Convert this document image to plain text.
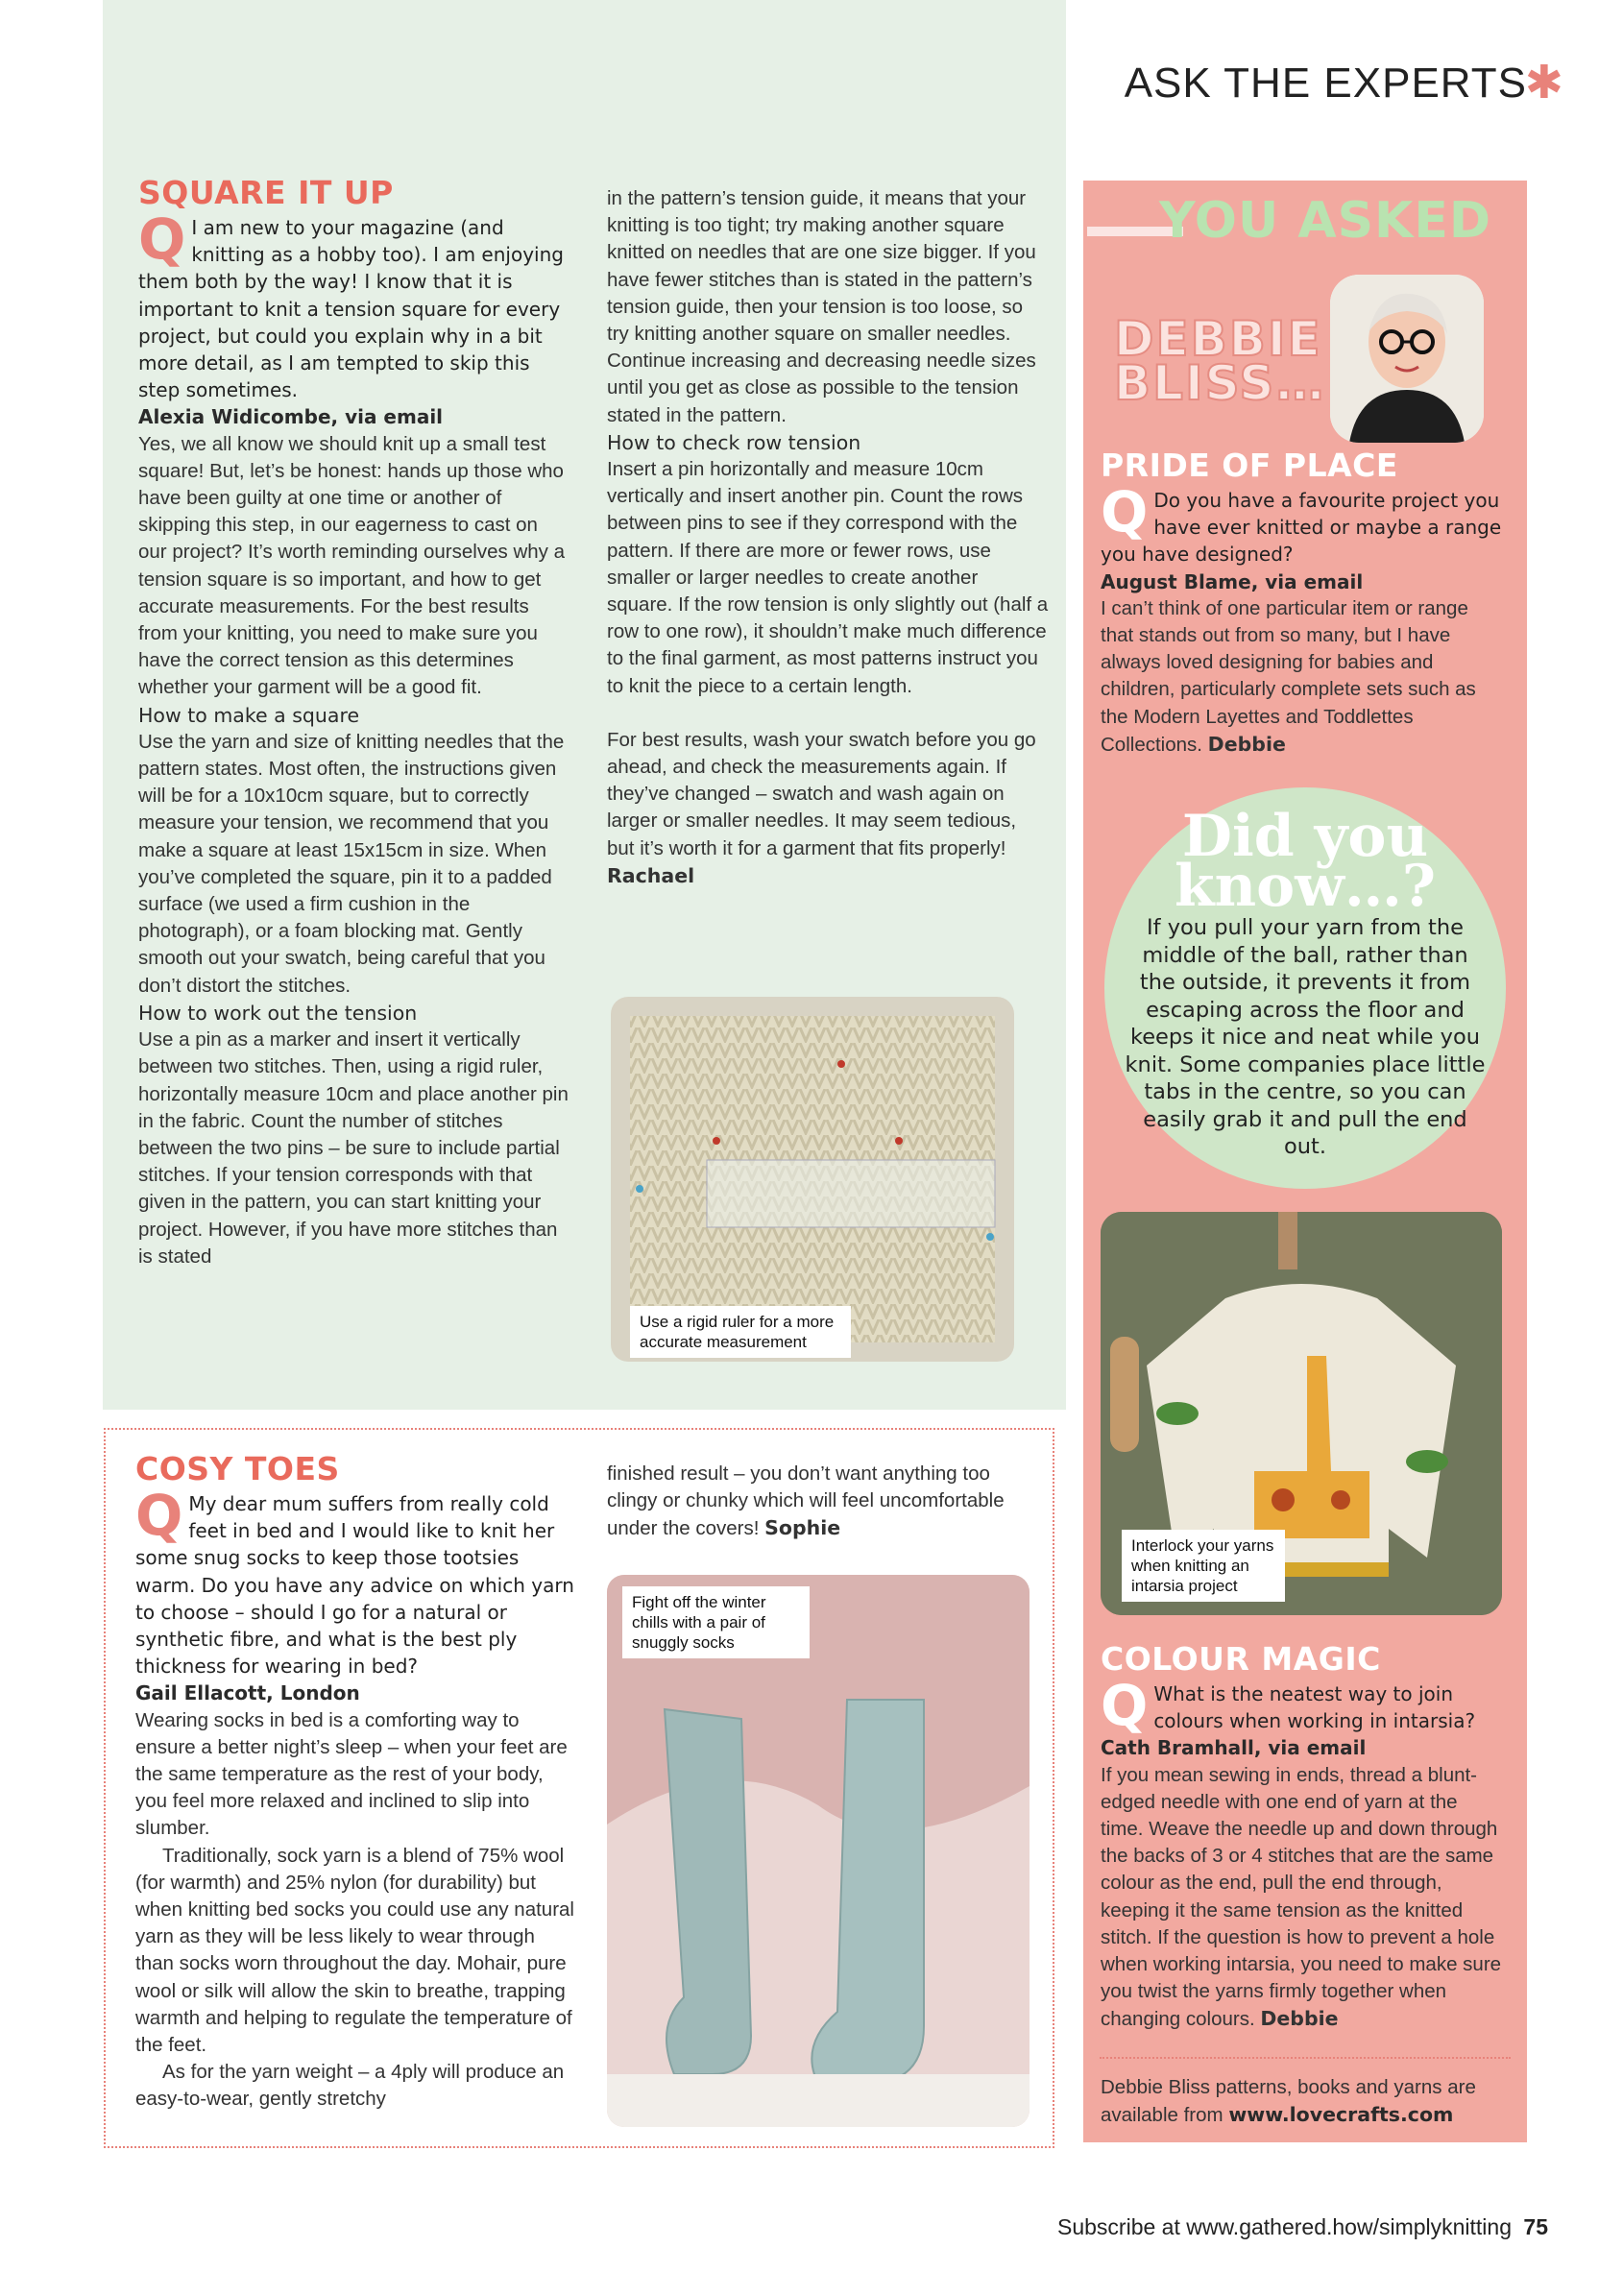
ASK THE EXPERTS
✱
SQUARE IT UP
Q I am new to your magazine (and knitting as a hobby too). I am enjoying them both by the way! I know that it is important to knit a tension square for every project, but could you explain why in a bit more detail, as I am tempted to skip this step sometimes.

Alexia Widicombe, via email

Yes, we all know we should knit up a small test square! But, let’s be honest: hands up those who have been guilty at one time or another of skipping this step, in our eagerness to cast on our project? It’s worth reminding ourselves why a tension square is so important, and how to get accurate measurements. For the best results from your knitting, you need to make sure you have the correct tension as this determines whether your garment will be a good fit.

How to make a square

Use the yarn and size of knitting needles that the pattern states. Most often, the instructions given will be for a 10x10cm square, but to correctly measure your tension, we recommend that you make a square at least 15x15cm in size. When you’ve completed the square, pin it to a padded surface (we used a firm cushion in the photograph), or a foam blocking mat. Gently smooth out your swatch, being careful that you don’t distort the stitches.

How to work out the tension

Use a pin as a marker and insert it vertically between two stitches. Then, using a rigid ruler, horizontally measure 10cm and place another pin in the fabric. Count the number of stitches between the two pins – be sure to include partial stitches. If your tension corresponds with that given in the pattern, you can start knitting your project. However, if you have more stitches than is stated

in the pattern’s tension guide, it means that your knitting is too tight; try making another square knitted on needles that are one size bigger. If you have fewer stitches than is stated in the pattern’s tension guide, then your tension is too loose, so try knitting another square on smaller needles. Continue increasing and decreasing needle sizes until you get as close as possible to the tension stated in the pattern.

How to check row tension

Insert a pin horizontally and measure 10cm vertically and insert another pin. Count the rows between pins to see if they correspond with the pattern. If there are more or fewer rows, use smaller or larger needles to create another square. If the row tension is only slightly out (half a row to one row), it shouldn’t make much difference to the final garment, as most patterns instruct you to knit the piece to a certain length.

For best results, wash your swatch before you go ahead, and check the measurements again. If they’ve changed – swatch and wash again on larger or smaller needles. It may seem tedious, but it’s worth it for a garment that fits properly! Rachael

Use a rigid ruler for a more accurate measurement
COSY TOES
Q My dear mum suffers from really cold feet in bed and I would like to knit her some snug socks to keep those tootsies warm. Do you have any advice on which yarn to choose – should I go for a natural or synthetic fibre, and what is the best ply thickness for wearing in bed?

Gail Ellacott, London

Wearing socks in bed is a comforting way to ensure a better night’s sleep – when your feet are the same temperature as the rest of your body, you feel more relaxed and inclined to slip into slumber.

Traditionally, sock yarn is a blend of 75% wool (for warmth) and 25% nylon (for durability) but when knitting bed socks you could use any natural yarn as they will be less likely to wear through than socks worn throughout the day. Mohair, pure wool or silk will allow the skin to breathe, trapping warmth and helping to regulate the temperature of the feet.

As for the yarn weight – a 4ply will produce an easy-to-wear, gently stretchy

finished result – you don’t want anything too clingy or chunky which will feel uncomfortable under the covers! Sophie

Fight off the winter chills with a pair of snuggly socks
YOU ASKED
DEBBIE
BLISS…
PRIDE OF PLACE
Q Do you have a favourite project you have ever knitted or maybe a range you have designed?

August Blame, via email

I can’t think of one particular item or range that stands out from so many, but I have always loved designing for babies and children, particularly complete sets such as the Modern Layettes and Toddlettes Collections. Debbie

Did you
know…?
If you pull your yarn from the middle of the ball, rather than the outside, it prevents it from escaping across the floor and keeps it nice and neat while you knit. Some companies place little tabs in the centre, so you can easily grab it and pull the end out.
Interlock your yarns when knitting an intarsia project
COLOUR MAGIC
Q What is the neatest way to join colours when working in intarsia?

Cath Bramhall, via email

If you mean sewing in ends, thread a blunt-edged needle with one end of yarn at the time. Weave the needle up and down through the backs of 3 or 4 stitches that are the same colour as the end, pull the end through, keeping it the same tension as the knitted stitch. If the question is how to prevent a hole when working intarsia, you need to make sure you twist the yarns firmly together when changing colours. Debbie

Debbie Bliss patterns, books and yarns are available from www.lovecrafts.com
Subscribe at www.gathered.how/simplyknitting 75
